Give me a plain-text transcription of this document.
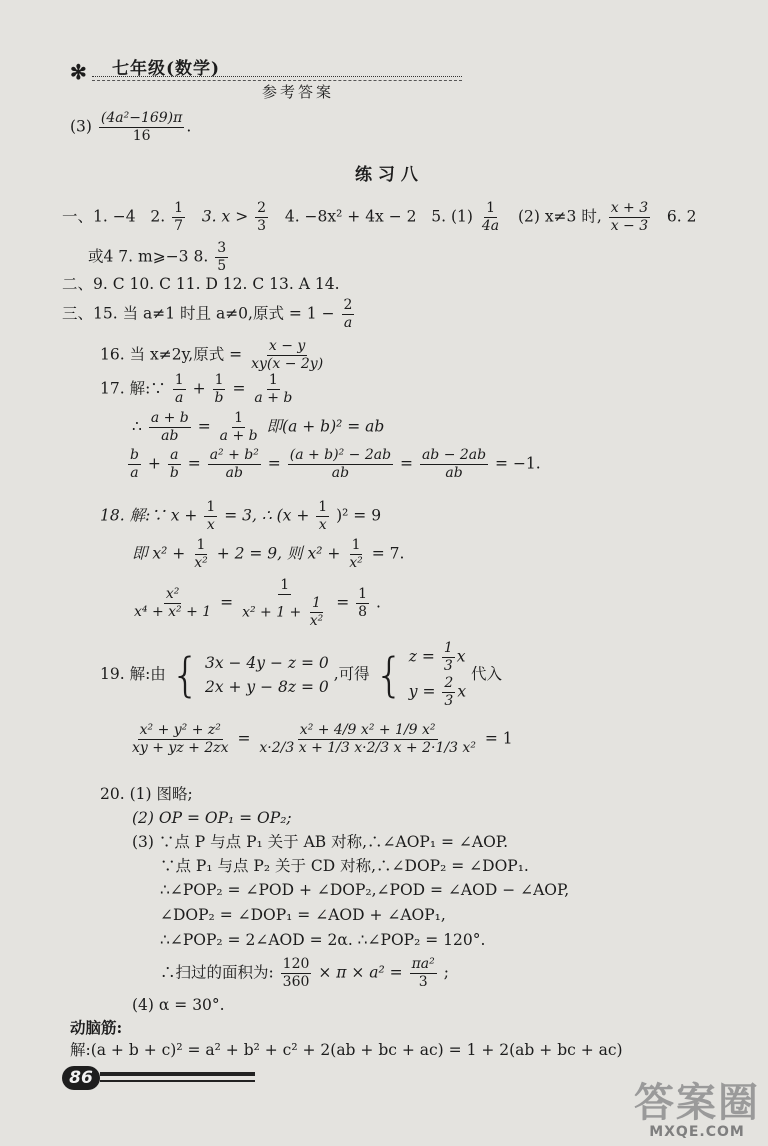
✻ 七年级(数学)
参考答案
$(3) \frac{\text{(4a²−169)π}}{16}$ .
练 习 八
一、1. −4 2. $\frac{1}{7} 3$. $x > \frac{2}{3} 4$. −8x² + 4x − 2 5. $(1) \frac{1}{4a} (2)$ x≠3 时, $\frac{x + 3}{x - 3} 6$. 2
或4 7. m⩾−3 8. $\frac{3}{5}$
二、9. C 10. C 11. D 12. C 13. A 14.
三、15. 当 a≠1 时且 a≠0,原式 = $1 - \frac{2}{a}$
16. 当 x≠2y,原式 = $\frac{x - y}{xy(x - 2y)}$
17. 解:∵ $\frac{1}{a} + \frac{1}{b} = \frac{1}{a + b}$
∴ $\frac{a + b}{ab} = \frac{1}{a + b}$ 即(a + b)² = ab
$\frac{b}{a} + \frac{a}{b} = \frac{\text{a² + b²}}{ab} = \frac{\text{(a + b)² − 2ab}}{ab} = \frac{ab - 2ab}{ab} = -1$.
18. 解:∵ $x + \frac{1}{x} = 3$, ∴ $(x + \frac{1}{x} )^2 = 9$
即 $x^2 + \frac{1}{\text{x²}} + 2 = 9$, 则 $x^2 + \frac{1}{\text{x²}} = 7$.
$\frac{\text{x²}}{\text{x⁴ + x² + 1}} = \frac{1}{x^2 + 1 + \frac{1}{\text{x²}}} = \frac{1}{8}$ .
19. 解:由 { 3x − 4y − z = 0
2x + y − 8z = 0
,可得 { $z = \frac{1}{3}$ x
$y = \frac{2}{3}$ x
代入
$\frac{\text{x² + y² + z²}}{xy + yz + 2zx} = \frac{\text{x² + 4/9 x² + 1/9 x²}}{\text{x·2/3 x + 1/3 x·2/3 x + 2·1/3 x²}} = 1$
20. (1) 图略;
(2) OP = OP₁ = OP₂;
(3) ∵点 P 与点 P₁ 关于 AB 对称,∴∠AOP₁ = ∠AOP.
∵点 P₁ 与点 P₂ 关于 CD 对称,∴∠DOP₂ = ∠DOP₁.
∴∠POP₂ = ∠POD + ∠DOP₂,∠POD = ∠AOD − ∠AOP,
∠DOP₂ = ∠DOP₁ = ∠AOD + ∠AOP₁,
∴∠POP₂ = 2∠AOD = 2α. ∴∠POP₂ = 120°.
∴扫过的面积为: $\frac{120}{360} \times \pi \times a^2 = \frac{\text{πa²}}{3}$ ;
(4) α = 30°.
动脑筋:
解:(a + b + c)² = a² + b² + c² + 2(ab + bc + ac) = 1 + 2(ab + bc + ac)
86
答案圈
MXQE.COM
